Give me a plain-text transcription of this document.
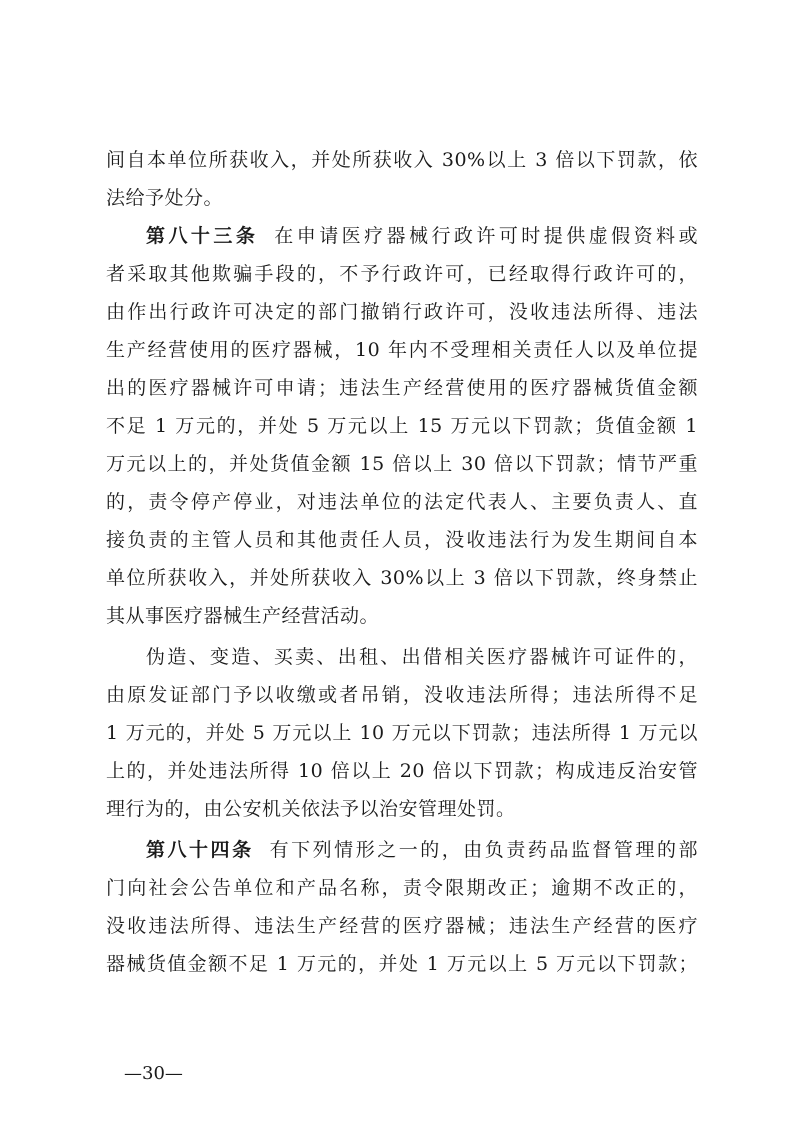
间自本单位所获收入，并处所获收入 30%以上 3 倍以下罚款，依
法给予处分。
第八十三条 在申请医疗器械行政许可时提供虚假资料或
者采取其他欺骗手段的，不予行政许可，已经取得行政许可的，
由作出行政许可决定的部门撤销行政许可，没收违法所得、违法
生产经营使用的医疗器械，10 年内不受理相关责任人以及单位提
出的医疗器械许可申请；违法生产经营使用的医疗器械货值金额
不足 1 万元的，并处 5 万元以上 15 万元以下罚款；货值金额 1
万元以上的，并处货值金额 15 倍以上 30 倍以下罚款；情节严重
的，责令停产停业，对违法单位的法定代表人、主要负责人、直
接负责的主管人员和其他责任人员，没收违法行为发生期间自本
单位所获收入，并处所获收入 30%以上 3 倍以下罚款，终身禁止
其从事医疗器械生产经营活动。
伪造、变造、买卖、出租、出借相关医疗器械许可证件的，
由原发证部门予以收缴或者吊销，没收违法所得；违法所得不足
1 万元的，并处 5 万元以上 10 万元以下罚款；违法所得 1 万元以
上的，并处违法所得 10 倍以上 20 倍以下罚款；构成违反治安管
理行为的，由公安机关依法予以治安管理处罚。
第八十四条 有下列情形之一的，由负责药品监督管理的部
门向社会公告单位和产品名称，责令限期改正；逾期不改正的，
没收违法所得、违法生产经营的医疗器械；违法生产经营的医疗
器械货值金额不足 1 万元的，并处 1 万元以上 5 万元以下罚款；
—30—
